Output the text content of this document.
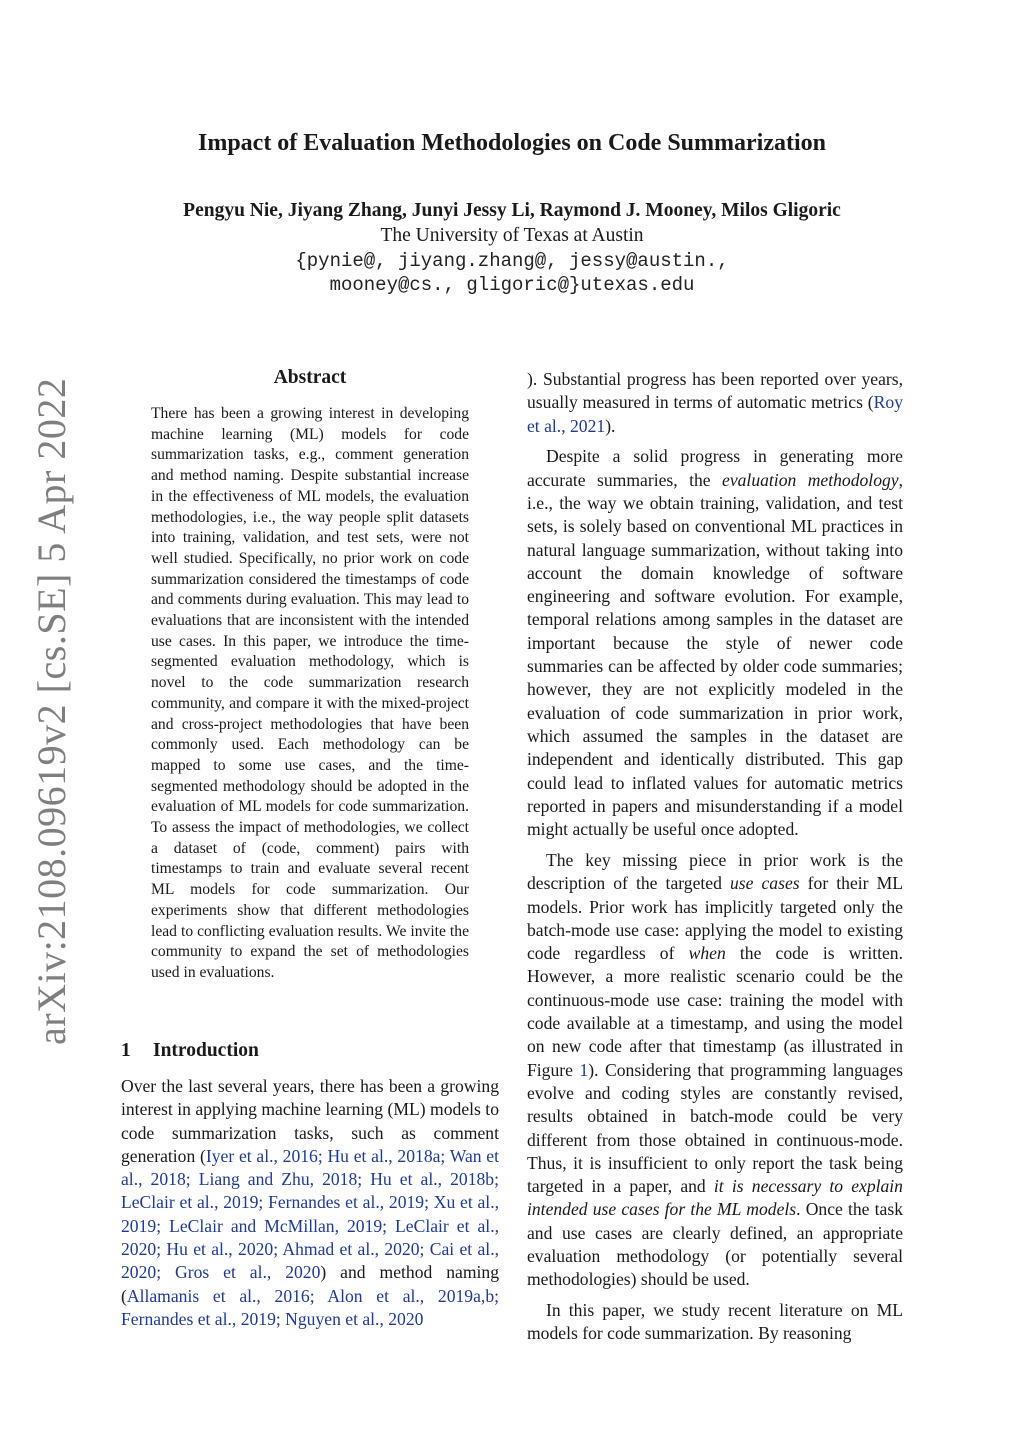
arXiv:2108.09619v2 [cs.SE] 5 Apr 2022
Impact of Evaluation Methodologies on Code Summarization
Pengyu Nie, Jiyang Zhang, Junyi Jessy Li, Raymond J. Mooney, Milos Gligoric
The University of Texas at Austin
{pynie@, jiyang.zhang@, jessy@austin.,
mooney@cs., gligoric@}utexas.edu
Abstract

There has been a growing interest in developing machine learning (ML) models for code summarization tasks, e.g., comment generation and method naming. Despite substantial increase in the effectiveness of ML models, the evaluation methodologies, i.e., the way people split datasets into training, validation, and test sets, were not well studied. Specifically, no prior work on code summarization considered the timestamps of code and comments during evaluation. This may lead to evaluations that are inconsistent with the intended use cases. In this paper, we introduce the time-segmented evaluation methodology, which is novel to the code summarization research community, and compare it with the mixed-project and cross-project methodologies that have been commonly used. Each methodology can be mapped to some use cases, and the time-segmented methodology should be adopted in the evaluation of ML models for code summarization. To assess the impact of methodologies, we collect a dataset of (code, comment) pairs with timestamps to train and evaluate several recent ML models for code summarization. Our experiments show that different methodologies lead to conflicting evaluation results. We invite the community to expand the set of methodologies used in evaluations.

1 Introduction

Over the last several years, there has been a growing interest in applying machine learning (ML) models to code summarization tasks, such as comment generation (Iyer et al., 2016; Hu et al., 2018a; Wan et al., 2018; Liang and Zhu, 2018; Hu et al., 2018b; LeClair et al., 2019; Fernandes et al., 2019; Xu et al., 2019; LeClair and McMillan, 2019; LeClair et al., 2020; Hu et al., 2020; Ahmad et al., 2020; Cai et al., 2020; Gros et al., 2020) and method naming (Allamanis et al., 2016; Alon et al., 2019a,b; Fernandes et al., 2019; Nguyen et al., 2020

). Substantial progress has been reported over years, usually measured in terms of automatic metrics (Roy et al., 2021).

Despite a solid progress in generating more accurate summaries, the evaluation methodology, i.e., the way we obtain training, validation, and test sets, is solely based on conventional ML practices in natural language summarization, without taking into account the domain knowledge of software engineering and software evolution. For example, temporal relations among samples in the dataset are important because the style of newer code summaries can be affected by older code summaries; however, they are not explicitly modeled in the evaluation of code summarization in prior work, which assumed the samples in the dataset are independent and identically distributed. This gap could lead to inflated values for automatic metrics reported in papers and misunderstanding if a model might actually be useful once adopted.

The key missing piece in prior work is the description of the targeted use cases for their ML models. Prior work has implicitly targeted only the batch-mode use case: applying the model to existing code regardless of when the code is written. However, a more realistic scenario could be the continuous-mode use case: training the model with code available at a timestamp, and using the model on new code after that timestamp (as illustrated in Figure 1). Considering that programming languages evolve and coding styles are constantly revised, results obtained in batch-mode could be very different from those obtained in continuous-mode. Thus, it is insufficient to only report the task being targeted in a paper, and it is necessary to explain intended use cases for the ML models. Once the task and use cases are clearly defined, an appropriate evaluation methodology (or potentially several methodologies) should be used.

In this paper, we study recent literature on ML models for code summarization. By reasoning
